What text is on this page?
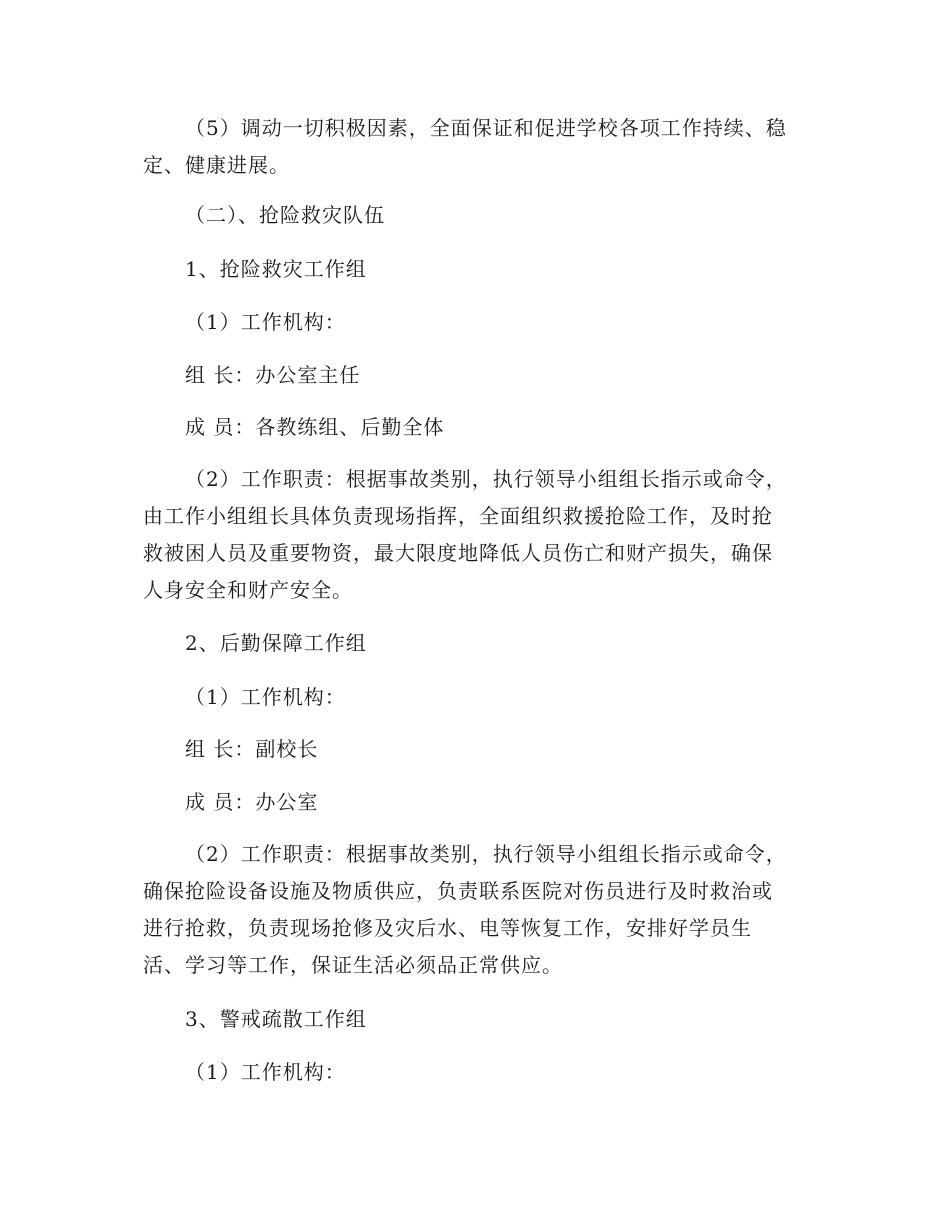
（5）调动一切积极因素，全面保证和促进学校各项工作持续、稳
定、健康进展。
（二）、抢险救灾队伍
1、抢险救灾工作组
（1）工作机构：
组 长：办公室主任
成 员：各教练组、后勤全体
（2）工作职责：根据事故类别，执行领导小组组长指示或命令，
由工作小组组长具体负责现场指挥，全面组织救援抢险工作，及时抢
救被困人员及重要物资，最大限度地降低人员伤亡和财产损失，确保
人身安全和财产安全。
2、后勤保障工作组
（1）工作机构：
组 长：副校长
成 员：办公室
（2）工作职责：根据事故类别，执行领导小组组长指示或命令，
确保抢险设备设施及物质供应，负责联系医院对伤员进行及时救治或
进行抢救，负责现场抢修及灾后水、电等恢复工作，安排好学员生
活、学习等工作，保证生活必须品正常供应。
3、警戒疏散工作组
（1）工作机构：
